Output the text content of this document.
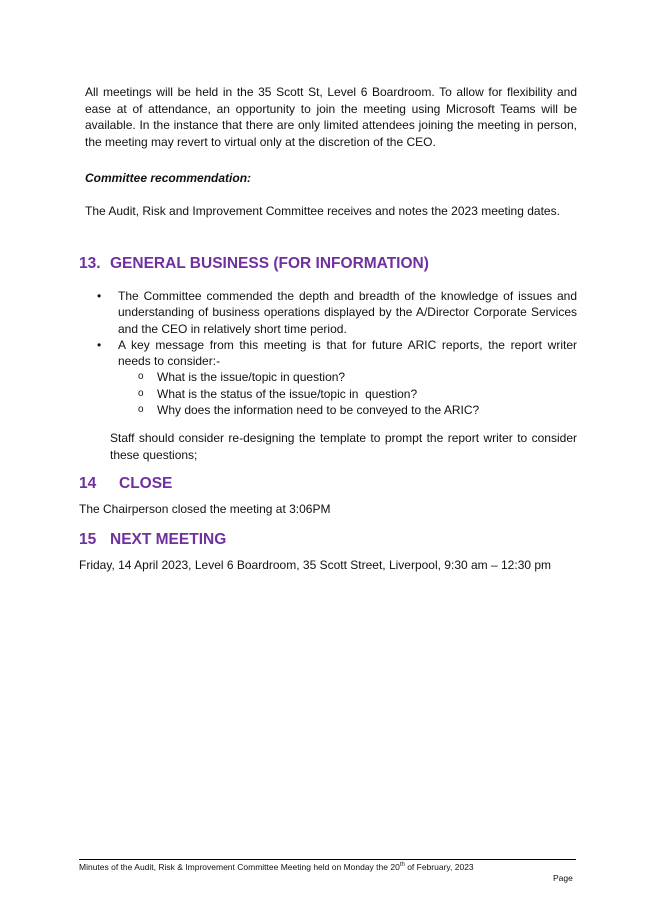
All meetings will be held in the 35 Scott St, Level 6 Boardroom. To allow for flexibility and ease at of attendance, an opportunity to join the meeting using Microsoft Teams will be available. In the instance that there are only limited attendees joining the meeting in person, the meeting may revert to virtual only at the discretion of the CEO.

Committee recommendation:

The Audit, Risk and Improvement Committee receives and notes the 2023 meeting dates.

13. GENERAL BUSINESS (FOR INFORMATION)
• The Committee commended the depth and breadth of the knowledge of issues and understanding of business operations displayed by the A/Director Corporate Services and the CEO in relatively short time period.
• A key message from this meeting is that for future ARIC reports, the report writer needs to consider:-
o What is the issue/topic in question?
o What is the status of the issue/topic in  question?
o Why does the information need to be conveyed to the ARIC?

Staff should consider re-designing the template to prompt the report writer to consider these questions;

14 CLOSE

The Chairperson closed the meeting at 3:06PM

15 NEXT MEETING

Friday, 14 April 2023, Level 6 Boardroom, 35 Scott Street, Liverpool, 9:30 am – 12:30 pm

Minutes of the Audit, Risk & Improvement Committee Meeting held on Monday the 20th of February, 2023

Page
